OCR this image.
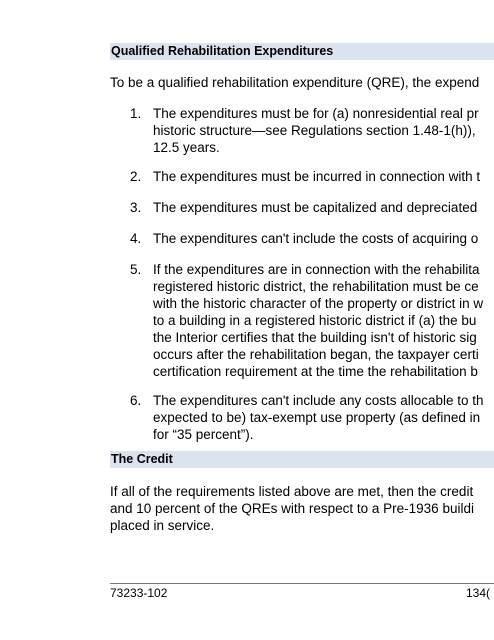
Qualified Rehabilitation Expenditures

To be a qualified rehabilitation expenditure (QRE), the expend

1. The expenditures must be for (a) nonresidential real pr
historic structure—see Regulations section 1.48-1(h)),
12.5 years.
2. The expenditures must be incurred in connection with t
3. The expenditures must be capitalized and depreciated
4. The expenditures can't include the costs of acquiring o
5. If the expenditures are in connection with the rehabilita
registered historic district, the rehabilitation must be ce
with the historic character of the property or district in w
to a building in a registered historic district if (a) the bu
the Interior certifies that the building isn't of historic sig
occurs after the rehabilitation began, the taxpayer certi
certification requirement at the time the rehabilitation b
6. The expenditures can't include any costs allocable to th
expected to be) tax-exempt use property (as defined in
for “35 percent”).
The Credit
If all of the requirements listed above are met, then the credit
and 10 percent of the QREs with respect to a Pre-1936 buildi
placed in service.
73233-102	134(
